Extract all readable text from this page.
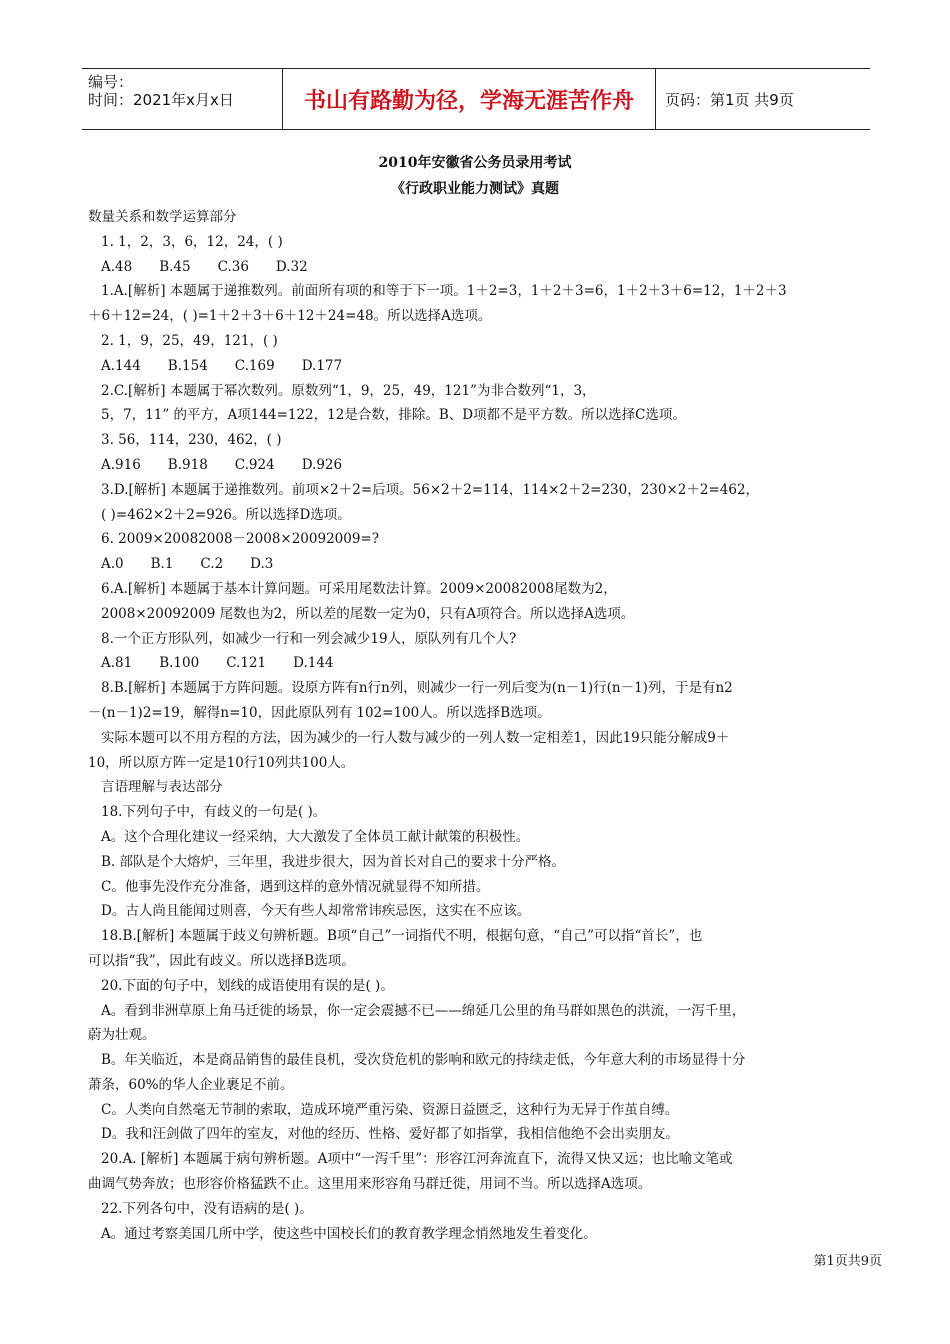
编号：
时间：2021年x月x日	书山有路勤为径，学海无涯苦作舟 页码：第1页 共9页
2010年安徽省公务员录用考试
《行政职业能力测试》真题
数量关系和数学运算部分
1. 1，2，3，6，12，24，( )
A.48　　B.45　　C.36　　D.32
1.A.[解析] 本题属于递推数列。前面所有项的和等于下一项。1＋2=3，1＋2＋3=6，1＋2＋3＋6=12，1＋2＋3
＋6＋12=24，( )=1＋2＋3＋6＋12＋24=48。所以选择A选项。
2. 1，9，25，49，121，( )
A.144　　B.154　　C.169　　D.177
2.C.[解析] 本题属于幂次数列。原数列“1，9，25，49，121”为非合数列“1，3，
5，7，11” 的平方，A项144=122，12是合数，排除。B、D项都不是平方数。所以选择C选项。
3. 56，114，230，462，( )
A.916　　B.918　　C.924　　D.926
3.D.[解析] 本题属于递推数列。前项×2＋2=后项。56×2＋2=114，114×2＋2=230，230×2＋2=462，
( )=462×2＋2=926。所以选择D选项。
6. 2009×20082008－2008×20092009=?
A.0　　B.1　　C.2　　D.3
6.A.[解析] 本题属于基本计算问题。可采用尾数法计算。2009×20082008尾数为2，
2008×20092009 尾数也为2，所以差的尾数一定为0，只有A项符合。所以选择A选项。
8.一个正方形队列，如减少一行和一列会减少19人，原队列有几个人?
A.81　　B.100　　C.121　　D.144
8.B.[解析] 本题属于方阵问题。设原方阵有n行n列，则减少一行一列后变为(n－1)行(n－1)列，于是有n2
－(n－1)2=19，解得n=10，因此原队列有 102=100人。所以选择B选项。
实际本题可以不用方程的方法，因为减少的一行人数与减少的一列人数一定相差1，因此19只能分解成9＋
10，所以原方阵一定是10行10列共100人。
言语理解与表达部分
18.下列句子中，有歧义的一句是( )。
A。这个合理化建议一经采纳，大大激发了全体员工献计献策的积极性。
B. 部队是个大熔炉，三年里，我进步很大，因为首长对自己的要求十分严格。
C。他事先没作充分准备，遇到这样的意外情况就显得不知所措。
D。古人尚且能闻过则喜，今天有些人却常常讳疾忌医，这实在不应该。
18.B.[解析] 本题属于歧义句辨析题。B项“自己”一词指代不明，根据句意，“自己”可以指“首长”，也
可以指“我”，因此有歧义。所以选择B选项。
20.下面的句子中，划线的成语使用有误的是( )。
A。看到非洲草原上角马迁徙的场景，你一定会震撼不已——绵延几公里的角马群如黑色的洪流，一泻千里，
蔚为壮观。
B。年关临近，本是商品销售的最佳良机，受次贷危机的影响和欧元的持续走低，今年意大利的市场显得十分
萧条，60%的华人企业裹足不前。
C。人类向自然毫无节制的索取，造成环境严重污染、资源日益匮乏，这种行为无异于作茧自缚。
D。我和汪剑做了四年的室友，对他的经历、性格、爱好都了如指掌，我相信他绝不会出卖朋友。
20.A. [解析] 本题属于病句辨析题。A项中“一泻千里”：形容江河奔流直下，流得又快又远；也比喻文笔或
曲调气势奔放；也形容价格猛跌不止。这里用来形容角马群迁徙，用词不当。所以选择A选项。
22.下列各句中，没有语病的是( )。
A。通过考察美国几所中学，使这些中国校长们的教育教学理念悄然地发生着变化。
第1页共9页
